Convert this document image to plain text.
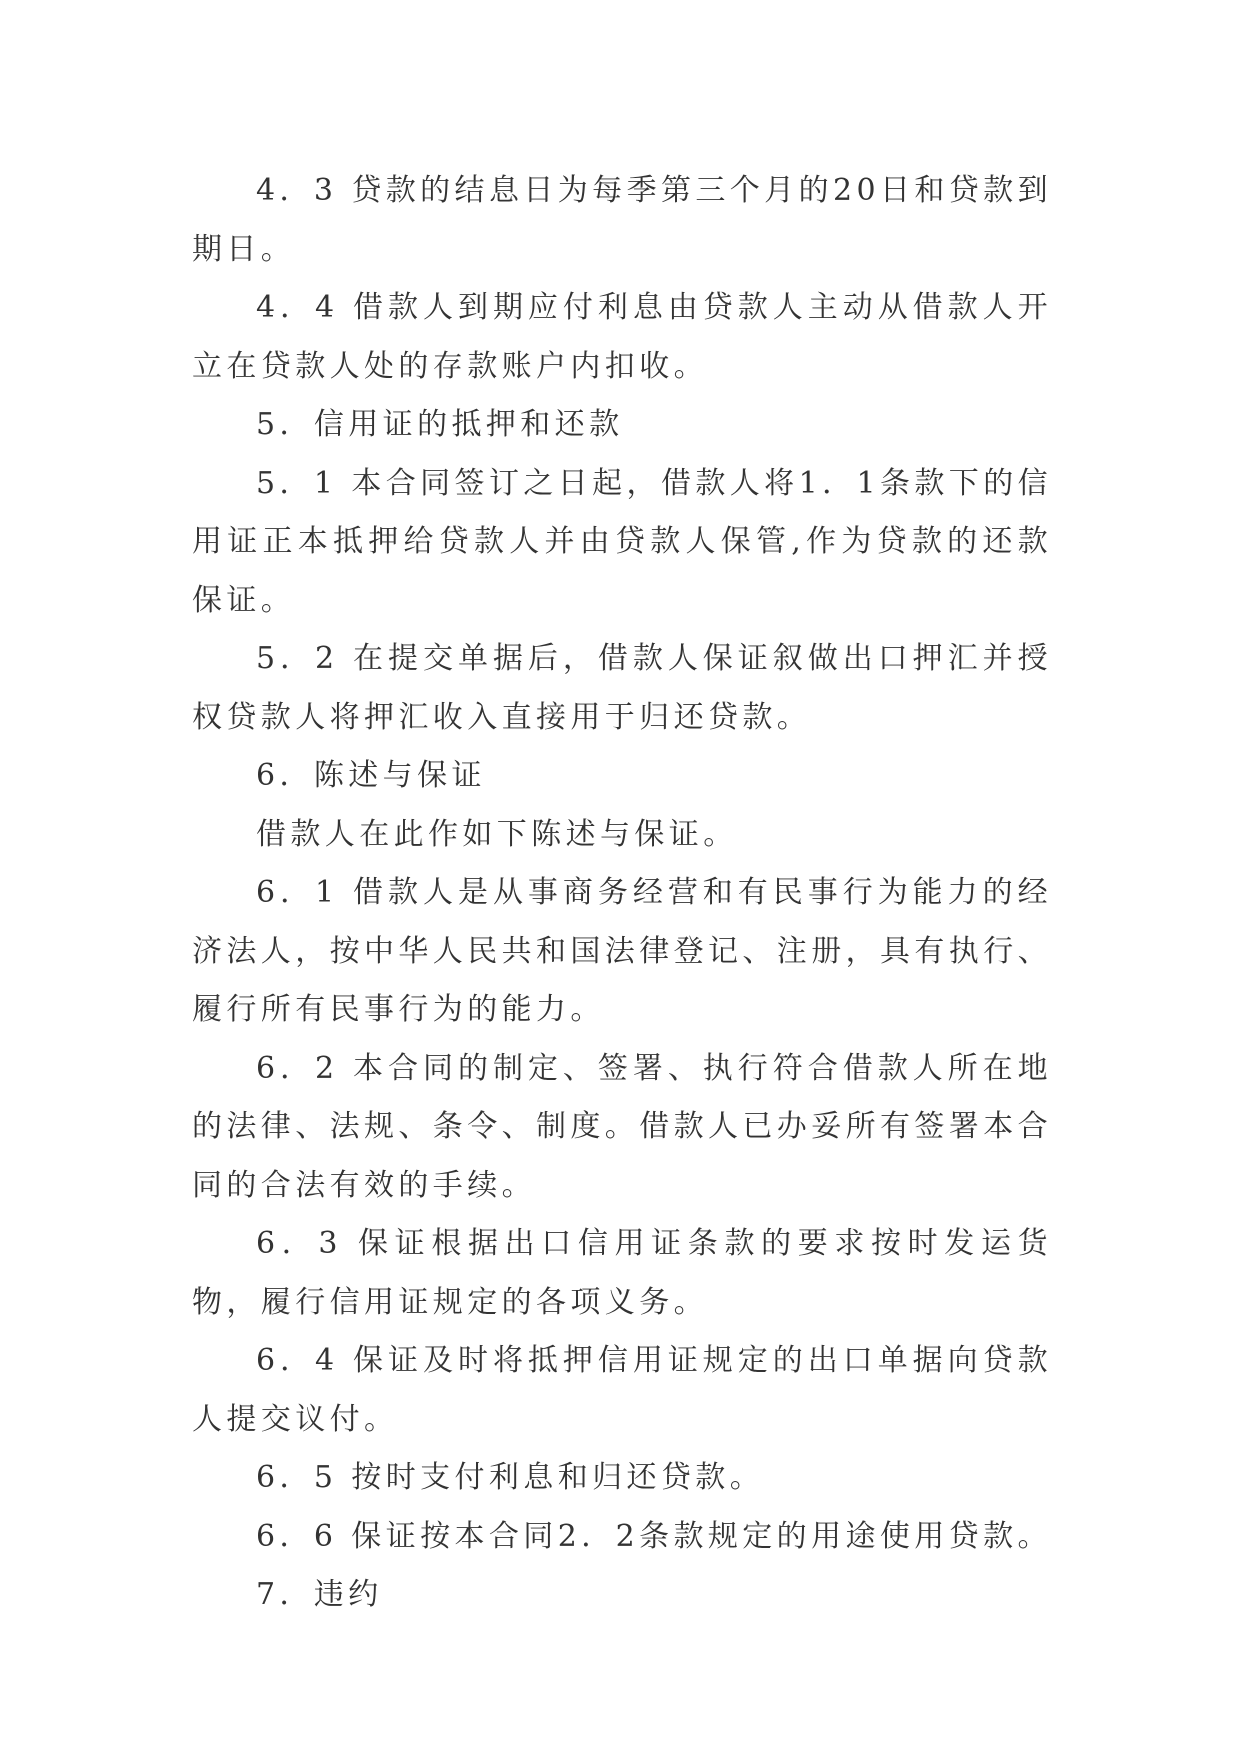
4．3 贷款的结息日为每季第三个月的20日和贷款到期日。

4．4 借款人到期应付利息由贷款人主动从借款人开立在贷款人处的存款账户内扣收。

5．信用证的抵押和还款

5．1 本合同签订之日起，借款人将1．1条款下的信用证正本抵押给贷款人并由贷款人保管,作为贷款的还款保证。

5．2 在提交单据后，借款人保证叙做出口押汇并授权贷款人将押汇收入直接用于归还贷款。

6．陈述与保证

借款人在此作如下陈述与保证。

6．1 借款人是从事商务经营和有民事行为能力的经济法人，按中华人民共和国法律登记、注册，具有执行、履行所有民事行为的能力。

6．2 本合同的制定、签署、执行符合借款人所在地的法律、法规、条令、制度。借款人已办妥所有签署本合同的合法有效的手续。

6．3 保证根据出口信用证条款的要求按时发运货物，履行信用证规定的各项义务。

6．4 保证及时将抵押信用证规定的出口单据向贷款人提交议付。

6．5 按时支付利息和归还贷款。

6．6 保证按本合同2．2条款规定的用途使用贷款。

7．违约
